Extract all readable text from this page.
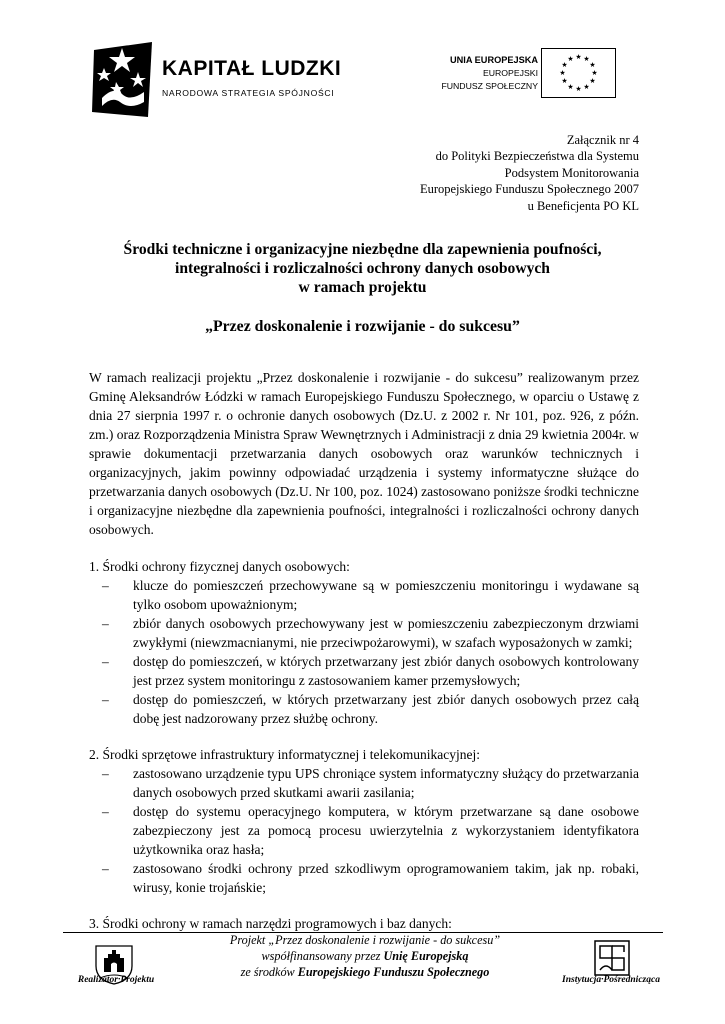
KAPITAŁ LUDZKI
NARODOWA STRATEGIA SPÓJNOŚCI
UNIA EUROPEJSKA
EUROPEJSKI
FUNDUSZ SPOŁECZNY
★ ★
★
★
★
★
★
★
★
★
★
★
Załącznik nr 4
do Polityki Bezpieczeństwa dla Systemu
Podsystem Monitorowania
Europejskiego Funduszu Społecznego 2007
u Beneficjenta PO KL
Środki techniczne i organizacyjne niezbędne dla zapewnienia poufności,
integralności i rozliczalności ochrony danych osobowych
w ramach projektu
„Przez doskonalenie i rozwijanie - do sukcesu”

W ramach realizacji projektu „Przez doskonalenie i rozwijanie - do sukcesu” realizowanym przez Gminę Aleksandrów Łódzki w ramach Europejskiego Funduszu Społecznego, w oparciu o Ustawę z dnia 27 sierpnia 1997 r. o ochronie danych osobowych (Dz.U. z 2002 r. Nr 101, poz. 926, z późn. zm.) oraz Rozporządzenia Ministra Spraw Wewnętrznych i Administracji z dnia 29 kwietnia 2004r. w sprawie dokumentacji przetwarzania danych osobowych oraz warunków technicznych i organizacyjnych, jakim powinny odpowiadać urządzenia i systemy informatyczne służące do przetwarzania danych osobowych (Dz.U. Nr 100, poz. 1024) zastosowano poniższe środki techniczne i organizacyjne niezbędne dla zapewnienia poufności, integralności i rozliczalności ochrony danych osobowych.

1. Środki ochrony fizycznej danych osobowych:

– klucze do pomieszczeń przechowywane są w pomieszczeniu monitoringu i wydawane są tylko osobom upoważnionym;
– zbiór danych osobowych przechowywany jest w pomieszczeniu zabezpieczonym drzwiami zwykłymi (niewzmacnianymi, nie przeciwpożarowymi), w szafach wyposażonych w zamki;
– dostęp do pomieszczeń, w których przetwarzany jest zbiór danych osobowych kontrolowany jest przez system monitoringu z zastosowaniem kamer przemysłowych;
– dostęp do pomieszczeń, w których przetwarzany jest zbiór danych osobowych przez całą dobę jest nadzorowany przez służbę ochrony.

2. Środki sprzętowe infrastruktury informatycznej i telekomunikacyjnej:

– zastosowano urządzenie typu UPS chroniące system informatyczny służący do przetwarzania danych osobowych przed skutkami awarii zasilania;
– dostęp do systemu operacyjnego komputera, w którym przetwarzane są dane osobowe zabezpieczony jest za pomocą procesu uwierzytelnia z wykorzystaniem identyfikatora użytkownika oraz hasła;
– zastosowano środki ochrony przed szkodliwym oprogramowaniem takim, jak np. robaki, wirusy, konie trojańskie;

3. Środki ochrony w ramach narzędzi programowych i baz danych:

Realizator·Projektu
Projekt „Przez doskonalenie i rozwijanie - do sukcesu”
współfinansowany przez Unię Europejską
ze środków Europejskiego Funduszu Społecznego
Instytucja·Pośrednicząca
